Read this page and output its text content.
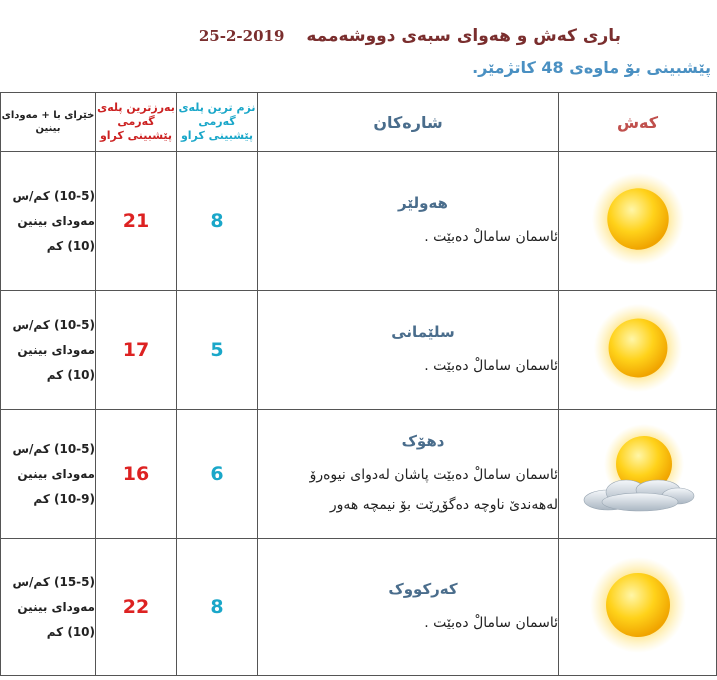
باری کەش و هەوای سبەی دووشەممە 2019-2-25
پێشبینی بۆ ماوەی 48 کاتژمێر.
خێرای با + مەودای بینین	بەرزترین پلەی گەرمی پێشبینی کراو	نزم ترین پلەی گەرمی پێشبینی کراو	شارەکان	کەش

(10-5) کم/س
مەودای بینین
(10) کم	21	8	هەولێر
ئاسمان سامالْ دەبێت .

(10-5) کم/س
مەودای بینین
(10) کم	17	5	سلێمانی
ئاسمان سامالْ دەبێت .

(10-5) کم/س
مەودای بینین
(10-9) کم	16	6	دهۆک
ئاسمان سامالْ دەبێت پاشان لەدوای نیوەرۆ لەهەندێ ناوچە دەگۆڕێت بۆ نیمچە هەور

(15-5) کم/س
مەودای بینین
(10) کم	22	8	کەرکووک
ئاسمان سامالْ دەبێت .
